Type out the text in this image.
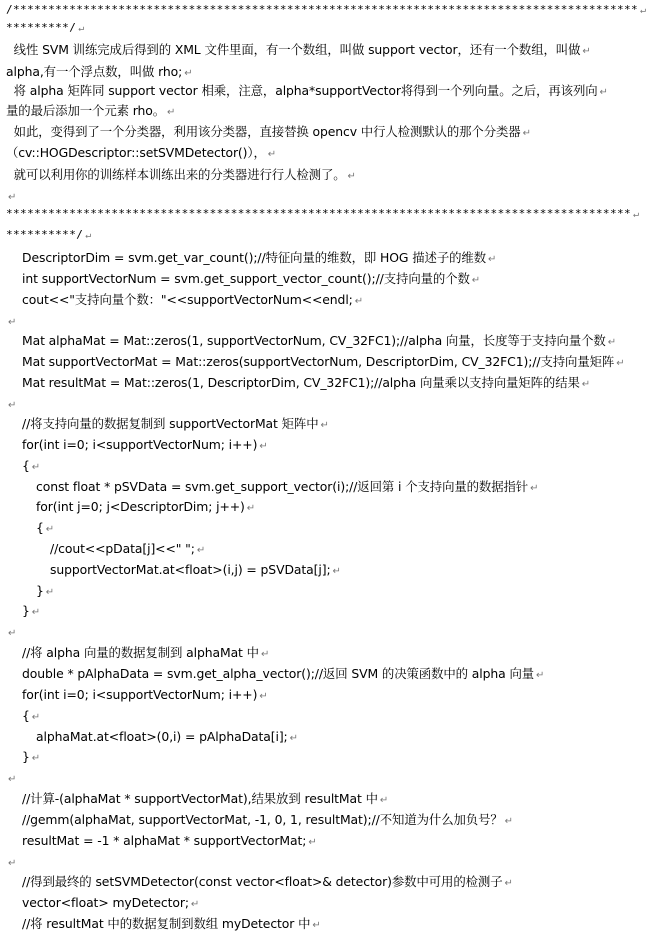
/***************************************************************************************** ↵
*********/ ↵
线性 SVM 训练完成后得到的 XML 文件里面，有一个数组，叫做 support vector，还有一个数组，叫做 ↵
alpha,有一个浮点数，叫做 rho; ↵
将 alpha 矩阵同 support vector 相乘，注意，alpha*supportVector将得到一个列向量。之后，再该列向 ↵
量的最后添加一个元素 rho。 ↵
如此，变得到了一个分类器，利用该分类器，直接替换 opencv 中行人检测默认的那个分类器 ↵
（cv::HOGDescriptor::setSVMDetector()）， ↵
就可以利用你的训练样本训练出来的分类器进行行人检测了。 ↵
↵
***************************************************************************************** ↵
**********/ ↵
DescriptorDim = svm.get_var_count();//特征向量的维数，即 HOG 描述子的维数 ↵
int supportVectorNum = svm.get_support_vector_count();//支持向量的个数 ↵
cout<<"支持向量个数："<<supportVectorNum<<endl; ↵
↵
Mat alphaMat = Mat::zeros(1, supportVectorNum, CV_32FC1);//alpha 向量，长度等于支持向量个数 ↵
Mat supportVectorMat = Mat::zeros(supportVectorNum, DescriptorDim, CV_32FC1);//支持向量矩阵 ↵
Mat resultMat = Mat::zeros(1, DescriptorDim, CV_32FC1);//alpha 向量乘以支持向量矩阵的结果 ↵
↵
//将支持向量的数据复制到 supportVectorMat 矩阵中 ↵
for(int i=0; i<supportVectorNum; i++) ↵
{ ↵
const float * pSVData = svm.get_support_vector(i);//返回第 i 个支持向量的数据指针 ↵
for(int j=0; j<DescriptorDim; j++) ↵
{ ↵
//cout<<pData[j]<<" "; ↵
supportVectorMat.at<float>(i,j) = pSVData[j]; ↵
} ↵
} ↵
↵
//将 alpha 向量的数据复制到 alphaMat 中 ↵
double * pAlphaData = svm.get_alpha_vector();//返回 SVM 的决策函数中的 alpha 向量 ↵
for(int i=0; i<supportVectorNum; i++) ↵
{ ↵
alphaMat.at<float>(0,i) = pAlphaData[i]; ↵
} ↵
↵
//计算-(alphaMat * supportVectorMat),结果放到 resultMat 中 ↵
//gemm(alphaMat, supportVectorMat, -1, 0, 1, resultMat);//不知道为什么加负号？ ↵
resultMat = -1 * alphaMat * supportVectorMat; ↵
↵
//得到最终的 setSVMDetector(const vector<float>& detector)参数中可用的检测子 ↵
vector<float> myDetector; ↵
//将 resultMat 中的数据复制到数组 myDetector 中 ↵
